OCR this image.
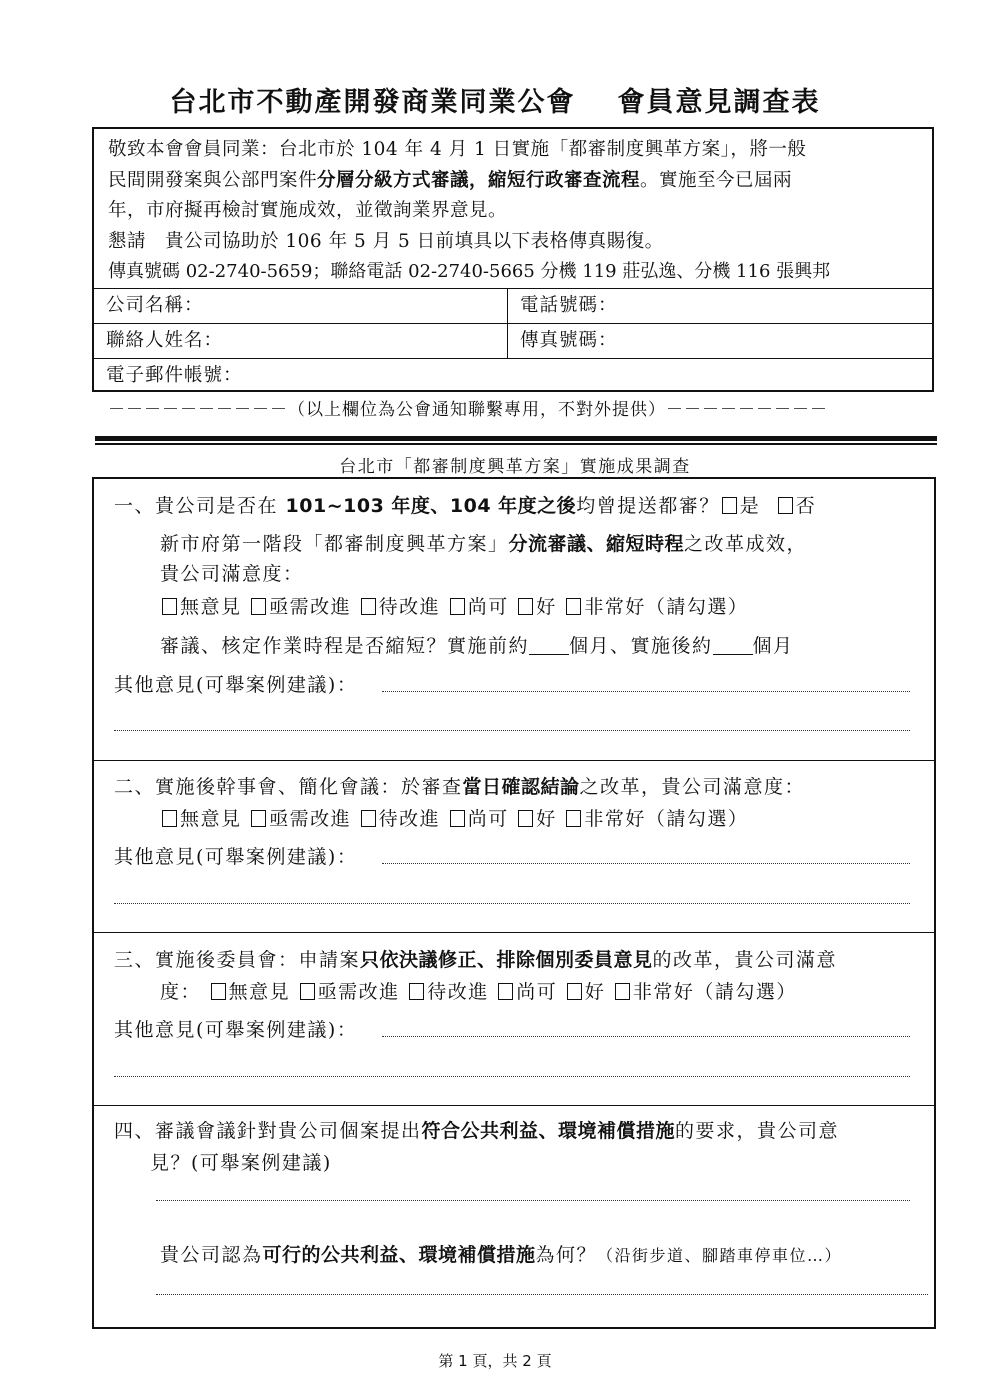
台北市不動產開發商業同業公會 會員意見調查表
敬致本會會員同業：台北市於 104 年 4 月 1 日實施「都審制度興革方案」，將一般
民間開發案與公部門案件分層分級方式審議，縮短行政審查流程。實施至今已屆兩
年，市府擬再檢討實施成效，並徵詢業界意見。
懇請　貴公司協助於 106 年 5 月 5 日前填具以下表格傳真賜復。
傳真號碼 02-2740-5659；聯絡電話 02-2740-5665 分機 119 莊弘逸、分機 116 張興邦
公司名稱：	電話號碼：
聯絡人姓名：	傳真號碼：
電子郵件帳號：
－－－－－－－－－－（以上欄位為公會通知聯繫專用，不對外提供）－－－－－－－－－
台北市「都審制度興革方案」實施成果調查
一、貴公司是否在 101~103 年度、104 年度之後均曾提送都審？ 是 否
新市府第一階段「都審制度興革方案」分流審議、縮短時程之改革成效，
貴公司滿意度：
無意見 亟需改進 待改進 尚可 好 非常好（請勾選）
審議、核定作業時程是否縮短？實施前約 個月、實施後約 個月
其他意見(可舉案例建議)：
二、實施後幹事會、簡化會議：於審查當日確認結論之改革，貴公司滿意度：
無意見 亟需改進 待改進 尚可 好 非常好（請勾選）
其他意見(可舉案例建議)：
三、實施後委員會：申請案只依決議修正、排除個別委員意見的改革，貴公司滿意
度： 無意見 亟需改進 待改進 尚可 好 非常好（請勾選）
其他意見(可舉案例建議)：
四、審議會議針對貴公司個案提出符合公共利益、環境補償措施的要求，貴公司意
見？(可舉案例建議)
貴公司認為可行的公共利益、環境補償措施為何？（沿街步道、腳踏車停車位…）
第 1 頁，共 2 頁
